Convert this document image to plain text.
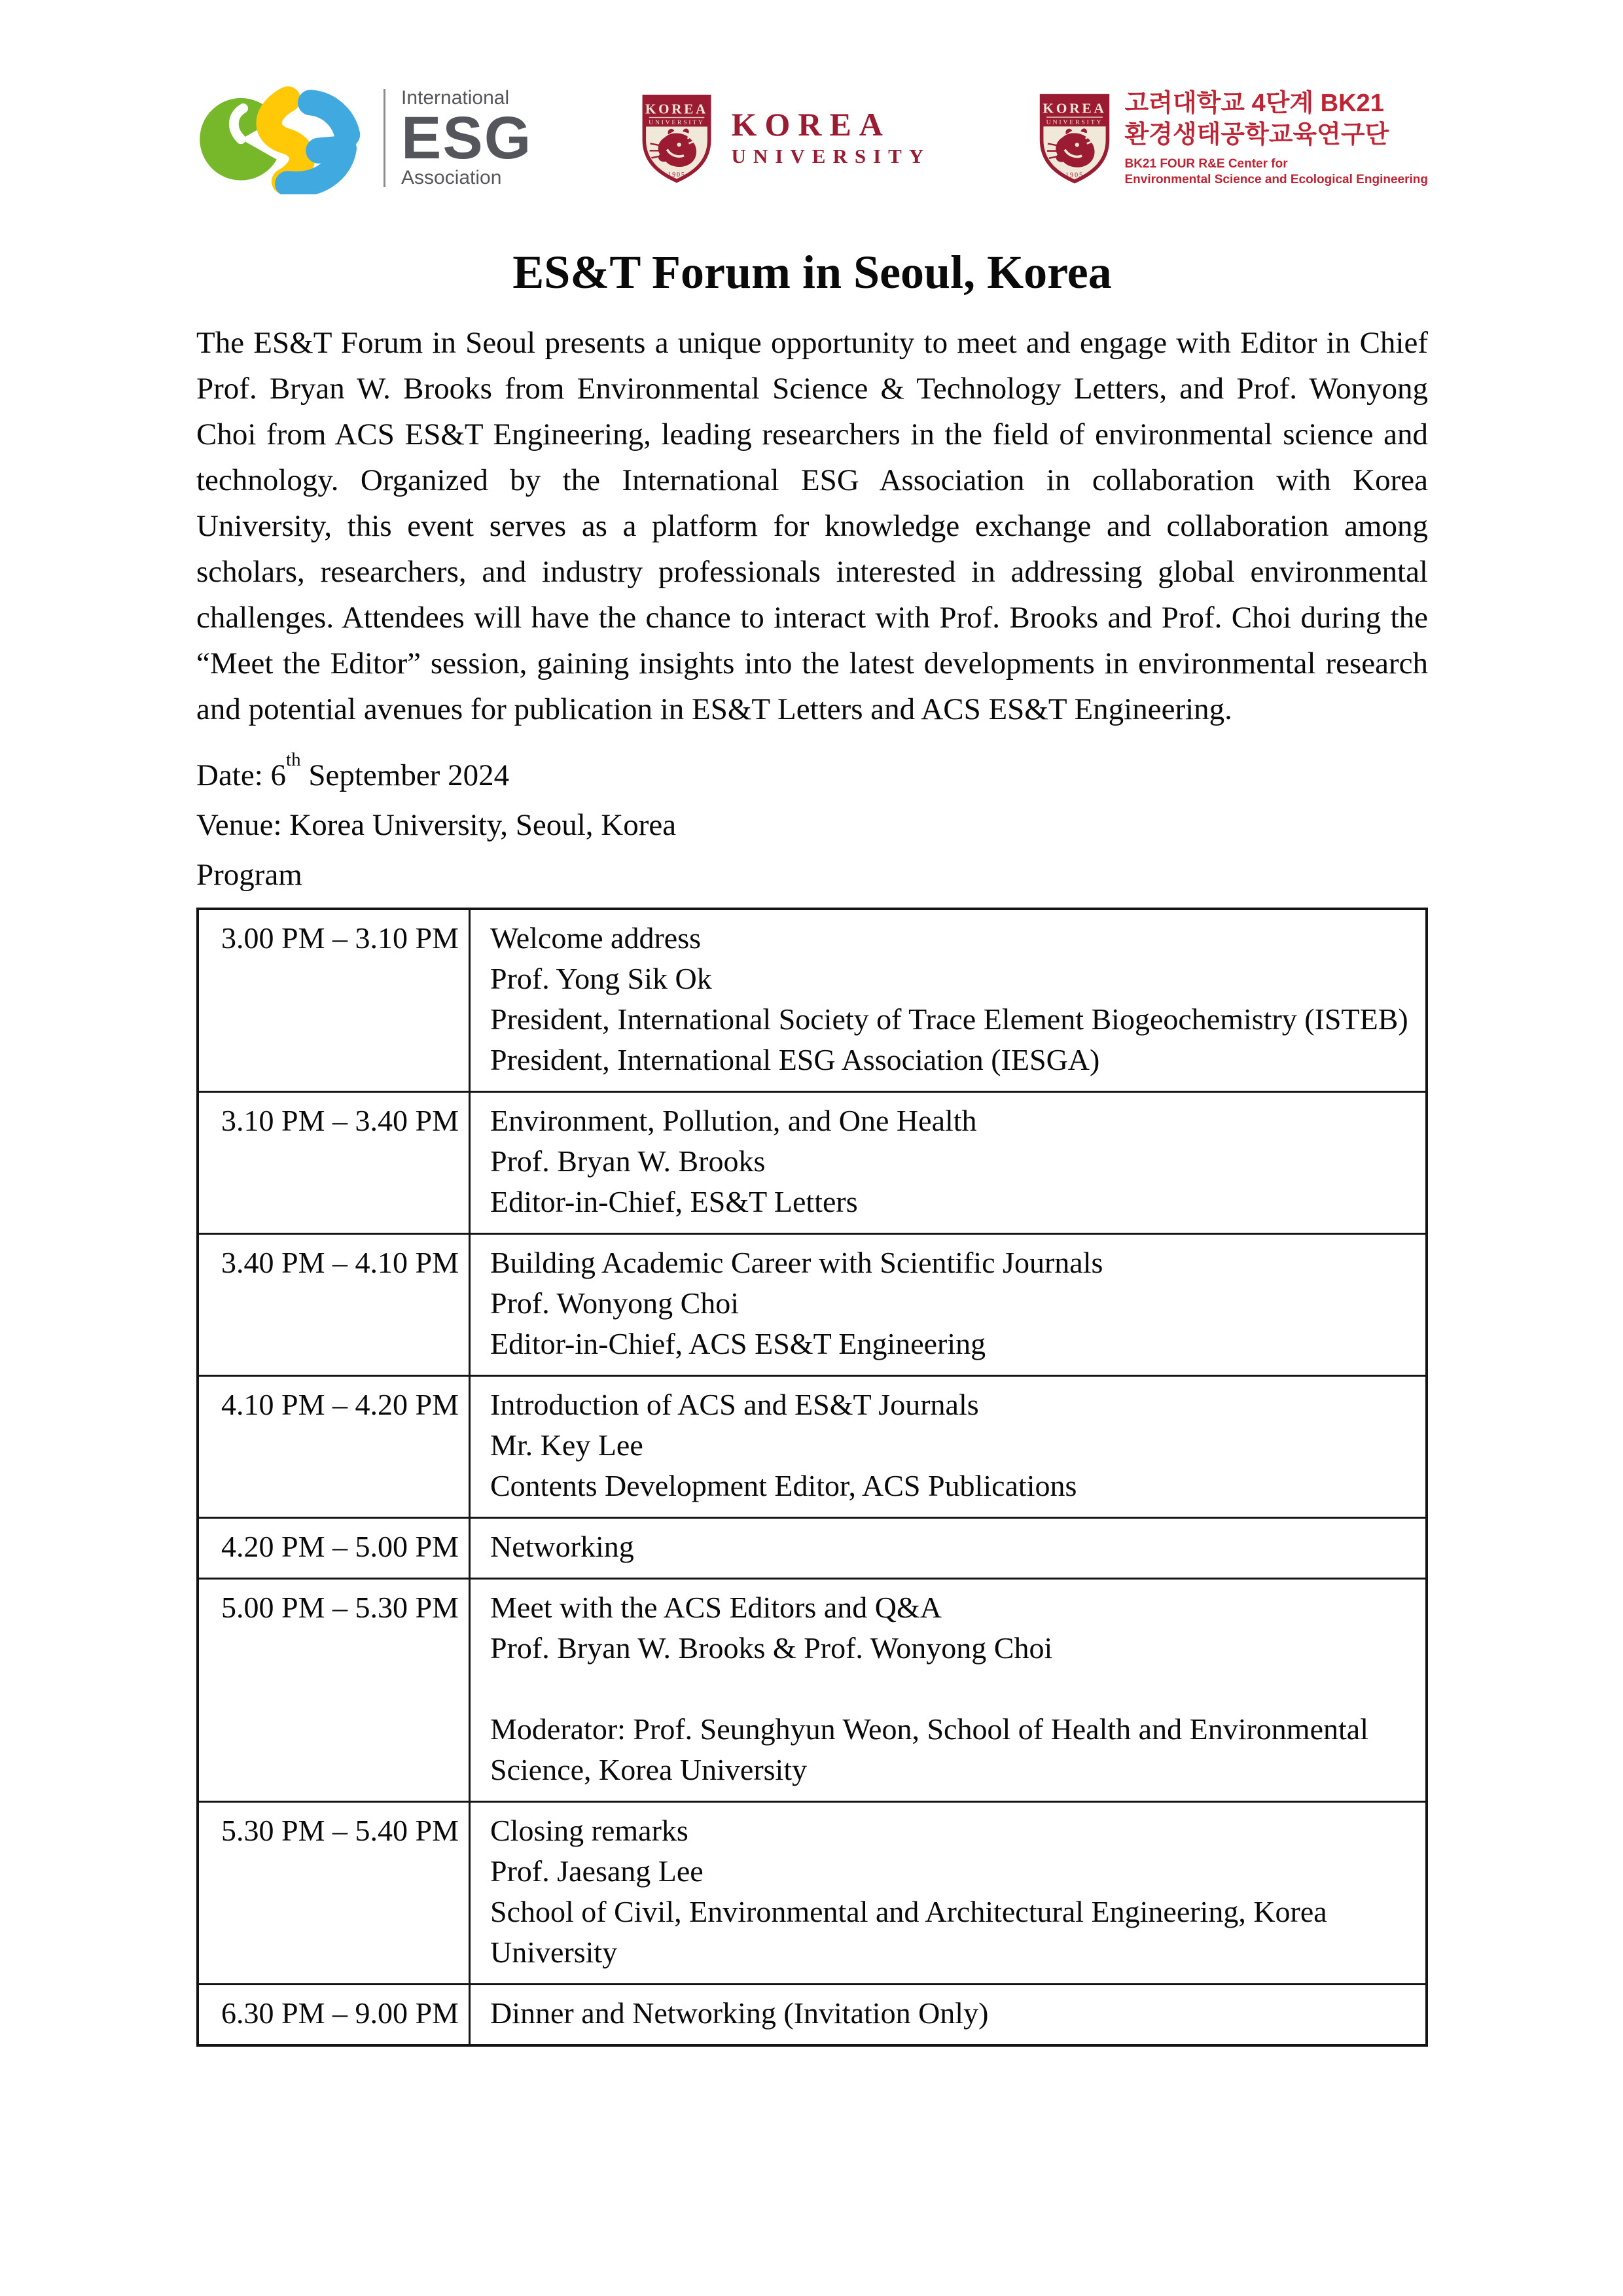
International
ESG
Association
KOREA
UNIVERSITY
1905
KOREA
UNIVERSITY
KOREA
UNIVERSITY
1905
고려대학교 4단계 BK21
환경생태공학교육연구단
BK21 FOUR R&E Center for
Environmental Science and Ecological Engineering
ES&T Forum in Seoul, Korea

The ES&T Forum in Seoul presents a unique opportunity to meet and engage with Editor in Chief Prof. Bryan W. Brooks from Environmental Science & Technology Letters, and Prof. Wonyong Choi from ACS ES&T Engineering, leading researchers in the field of environmental science and technology. Organized by the International ESG Association in collaboration with Korea University, this event serves as a platform for knowledge exchange and collaboration among scholars, researchers, and industry professionals interested in addressing global environmental challenges. Attendees will have the chance to interact with Prof. Brooks and Prof. Choi during the “Meet the Editor” session, gaining insights into the latest developments in environmental research and potential avenues for publication in ES&T Letters and ACS ES&T Engineering.

Date: 6th September 2024
Venue: Korea University, Seoul, Korea
Program
3.00 PM – 3.10 PM	Welcome address
Prof. Yong Sik Ok
President, International Society of Trace Element Biogeochemistry (ISTEB)
President, International ESG Association (IESGA)

3.10 PM – 3.40 PM	Environment, Pollution, and One Health
Prof. Bryan W. Brooks
Editor-in-Chief, ES&T Letters

3.40 PM – 4.10 PM	Building Academic Career with Scientific Journals
Prof. Wonyong Choi
Editor-in-Chief, ACS ES&T Engineering

4.10 PM – 4.20 PM	Introduction of ACS and ES&T Journals
Mr. Key Lee
Contents Development Editor, ACS Publications

4.20 PM – 5.00 PM	Networking

5.00 PM – 5.30 PM	Meet with the ACS Editors and Q&A
Prof. Bryan W. Brooks & Prof. Wonyong Choi
Moderator: Prof. Seunghyun Weon, School of Health and Environmental Science, Korea University

5.30 PM – 5.40 PM	Closing remarks
Prof. Jaesang Lee
School of Civil, Environmental and Architectural Engineering, Korea University

6.30 PM – 9.00 PM	Dinner and Networking (Invitation Only)
